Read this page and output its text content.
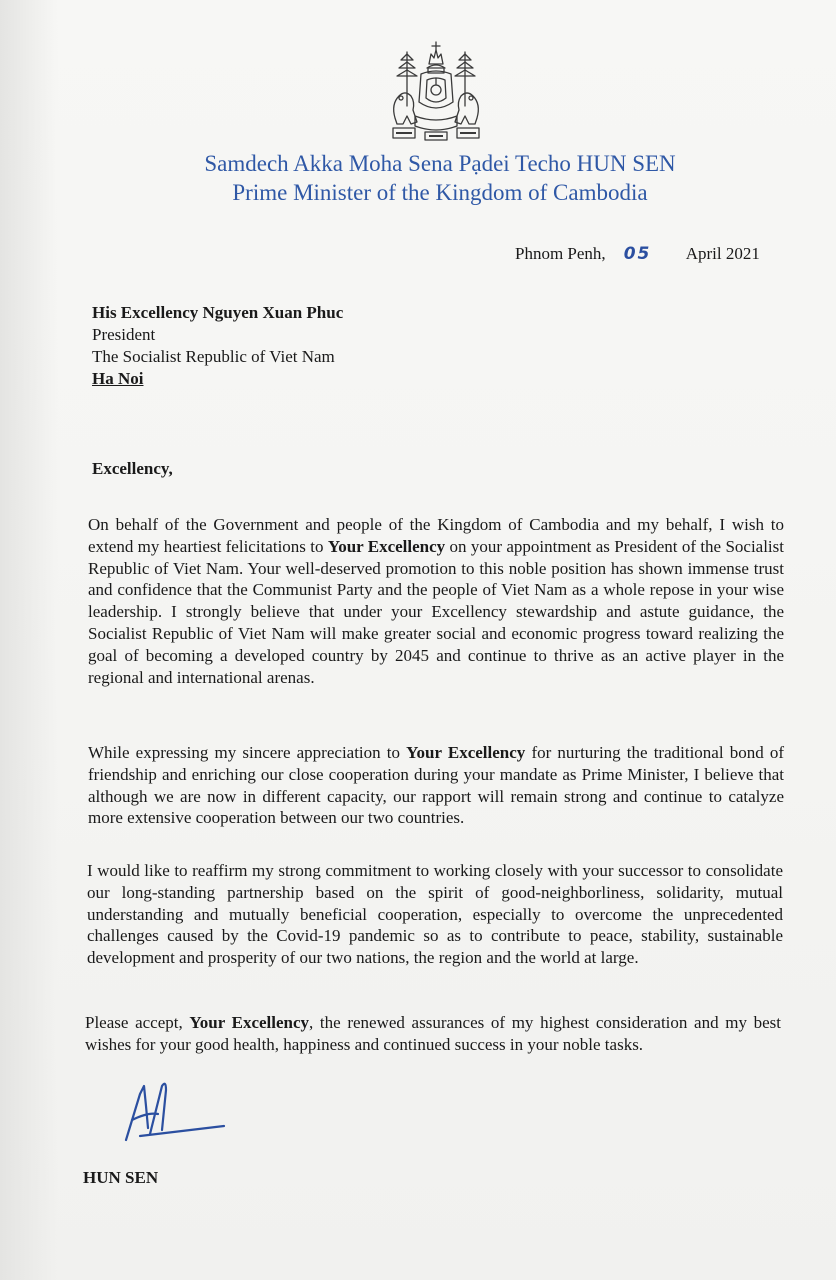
Samdech Akka Moha Sena Pạdei Techo HUN SEN
Prime Minister of the Kingdom of Cambodia
Phnom Penh, 05 April 2021
His Excellency Nguyen Xuan Phuc
President
The Socialist Republic of Viet Nam
Ha Noi
Excellency,

On behalf of the Government and people of the Kingdom of Cambodia and my behalf, I wish to extend my heartiest felicitations to Your Excellency on your appointment as President of the Socialist Republic of Viet Nam. Your well-deserved promotion to this noble position has shown immense trust and confidence that the Communist Party and the people of Viet Nam as a whole repose in your wise leadership. I strongly believe that under your Excellency stewardship and astute guidance, the Socialist Republic of Viet Nam will make greater social and economic progress toward realizing the goal of becoming a developed country by 2045 and continue to thrive as an active player in the regional and international arenas.

While expressing my sincere appreciation to Your Excellency for nurturing the traditional bond of friendship and enriching our close cooperation during your mandate as Prime Minister, I believe that although we are now in different capacity, our rapport will remain strong and continue to catalyze more extensive cooperation between our two countries.

I would like to reaffirm my strong commitment to working closely with your successor to consolidate our long-standing partnership based on the spirit of good-neighborliness, solidarity, mutual understanding and mutually beneficial cooperation, especially to overcome the unprecedented challenges caused by the Covid-19 pandemic so as to contribute to peace, stability, sustainable development and prosperity of our two nations, the region and the world at large.

Please accept, Your Excellency, the renewed assurances of my highest consideration and my best wishes for your good health, happiness and continued success in your noble tasks.

HUN SEN
